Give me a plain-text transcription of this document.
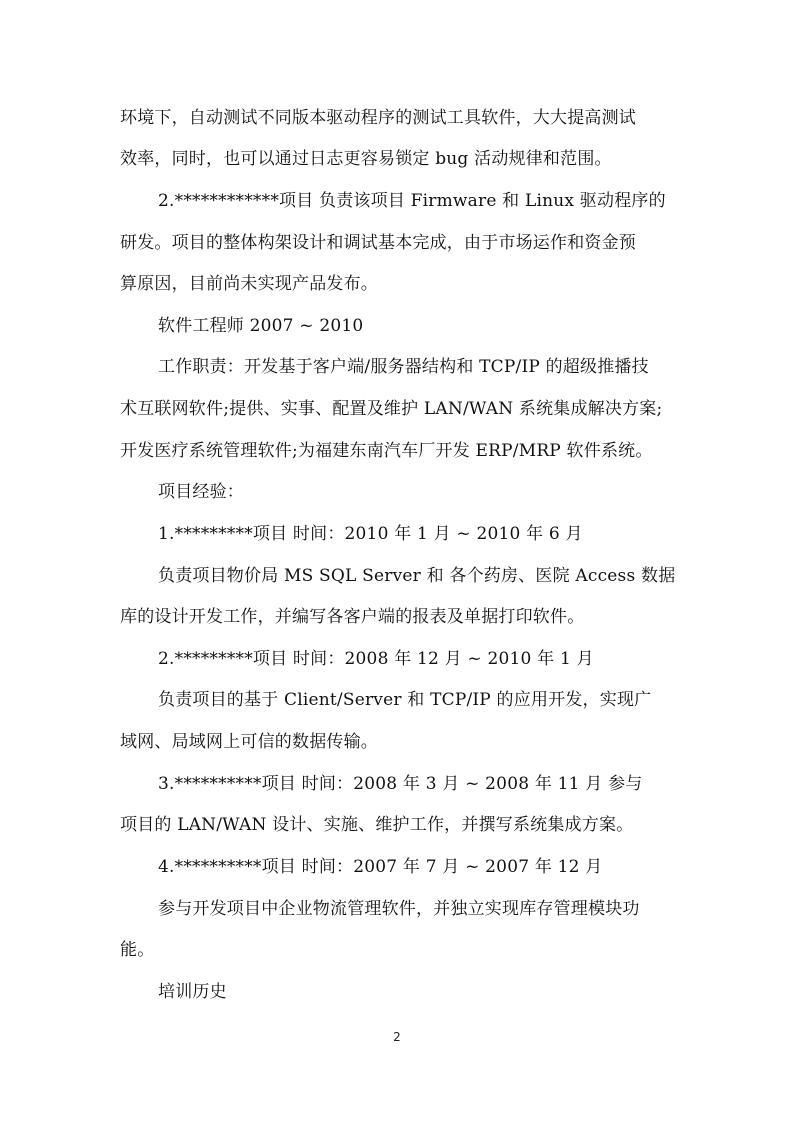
环境下，自动测试不同版本驱动程序的测试工具软件，大大提高测试
效率，同时，也可以通过日志更容易锁定 bug 活动规律和范围。
2.************项目 负责该项目 Firmware 和 Linux 驱动程序的
研发。项目的整体构架设计和调试基本完成，由于市场运作和资金预
算原因，目前尚未实现产品发布。
软件工程师 2007 ~ 2010
工作职责：开发基于客户端/服务器结构和 TCP/IP 的超级推播技
术互联网软件;提供、实事、配置及维护 LAN/WAN 系统集成解决方案;
开发医疗系统管理软件;为福建东南汽车厂开发 ERP/MRP 软件系统。
项目经验：
1.*********项目 时间：2010 年 1 月 ~ 2010 年 6 月
负责项目物价局 MS SQL Server 和 各个药房、医院 Access 数据
库的设计开发工作，并编写各客户端的报表及单据打印软件。
2.*********项目 时间：2008 年 12 月 ~ 2010 年 1 月
负责项目的基于 Client/Server 和 TCP/IP 的应用开发，实现广
域网、局域网上可信的数据传输。
3.**********项目 时间：2008 年 3 月 ~ 2008 年 11 月 参与
项目的 LAN/WAN 设计、实施、维护工作，并撰写系统集成方案。
4.**********项目 时间：2007 年 7 月 ~ 2007 年 12 月
参与开发项目中企业物流管理软件，并独立实现库存管理模块功
能。
培训历史
2
